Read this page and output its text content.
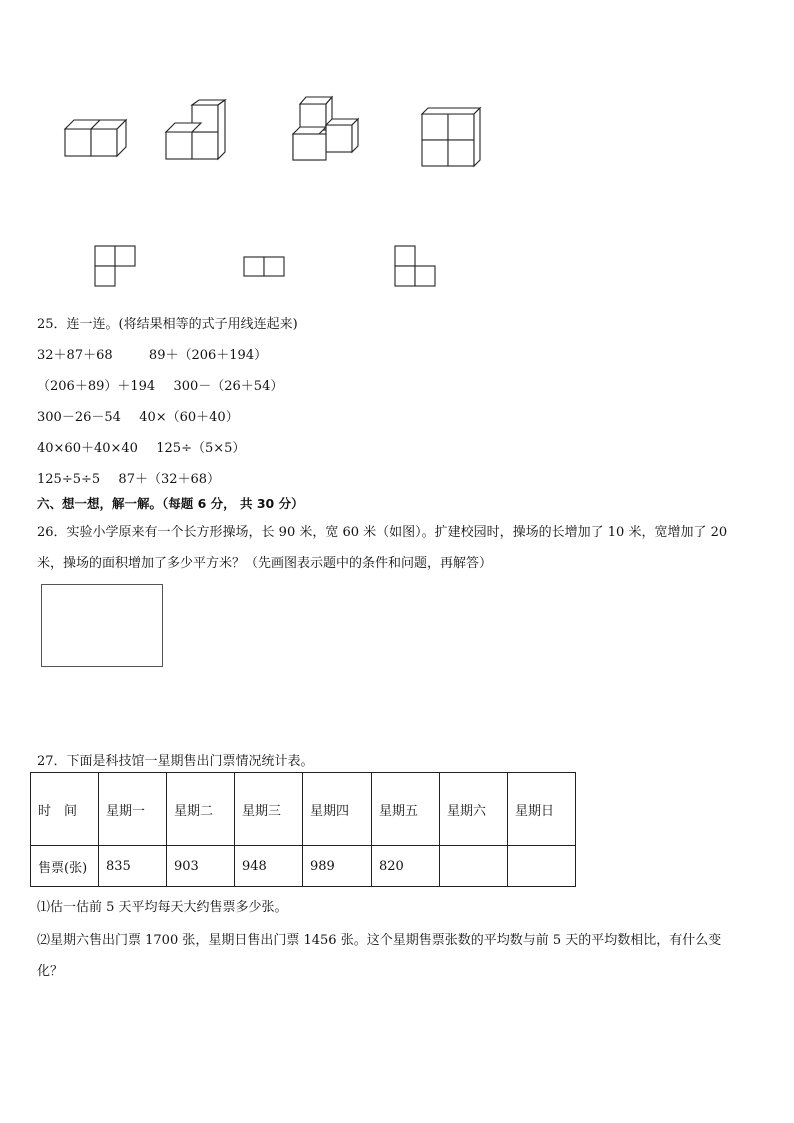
25．连一连。(将结果相等的式子用线连起来)
32＋87＋68	89＋（206＋194）
（206＋89）＋194 300－（26＋54）
300－26－54 40×（60＋40）
40×60＋40×40 125÷（5×5）
125÷5÷5 87＋（32＋68）
六、想一想，解一解。（每题 6 分， 共 30 分）
26．实验小学原来有一个长方形操场，长 90 米，宽 60 米（如图）。扩建校园时，操场的长增加了 10 米，宽增加了 20
米，操场的面积增加了多少平方米？（先画图表示题中的条件和问题，再解答）
27．下面是科技馆一星期售出门票情况统计表。
时　间	星期一	星期二	星期三	星期四	星期五	星期六	星期日
售票(张)	835	903	948	989	820		
⑴估一估前 5 天平均每天大约售票多少张。
⑵星期六售出门票 1700 张，星期日售出门票 1456 张。这个星期售票张数的平均数与前 5 天的平均数相比，有什么变
化？
